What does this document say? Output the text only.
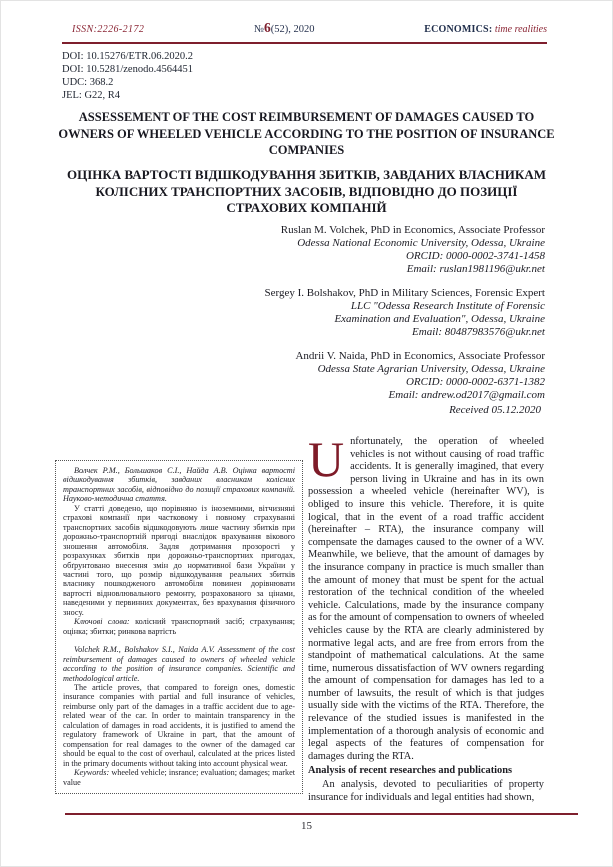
ISSN:2226-2172	№6(52), 2020	ECONOMICS: time realities
DOI: 10.15276/ETR.06.2020.2
DOI: 10.5281/zenodo.4564451
UDC: 368.2
JEL: G22, R4
ASSESSEMENT OF THE COST REIMBURSEMENT OF DAMAGES CAUSED TO OWNERS OF WHEELED VEHICLE ACCORDING TO THE POSITION OF INSURANCE COMPANIES
ОЦІНКА ВАРТОСТІ ВІДШКОДУВАННЯ ЗБИТКІВ, ЗАВДАНИХ ВЛАСНИКАМ КОЛІСНИХ ТРАНСПОРТНИХ ЗАСОБІВ, ВІДПОВІДНО ДО ПОЗИЦІЇ СТРАХОВИХ КОМПАНІЙ
Ruslan M. Volchek, PhD in Economics, Associate Professor
Odessa National Economic University, Odessa, Ukraine
ORCID: 0000-0002-3741-1458
Email: ruslan1981196@ukr.net
Sergey I. Bolshakov, PhD in Military Sciences, Forensic Expert
LLC "Odessa Research Institute of Forensic
Examination and Evaluation", Odessa, Ukraine
Email: 80487983576@ukr.net
Andrii V. Naida, PhD in Economics, Associate Professor
Odessa State Agrarian University, Odessa, Ukraine
ORCID: 0000-0002-6371-1382
Email: andrew.od2017@gmail.com
Received 05.12.2020

Волчек Р.М., Большаков С.І., Найда А.В. Оцінка вартості відшкодування збитків, завданих власникам колісних транспортних засобів, відповідно до позиції страхових компаній. Науково-методична стаття.

У статті доведено, що порівняно із іноземними, вітчизняні страхові компанії при частковому і повному страхуванні транспортних засобів відшкодовують лише частину збитків при дорожньо-транспортній пригоді внаслідок врахування вікового зношення автомобіля. Задля дотримання прозорості у розрахунках збитків при дорожньо-транспортних пригодах, обґрунтовано внесення змін до нормативної бази України у частині того, що розмір відшкодування реальних збитків власнику пошкодженого автомобіля повинен дорівнювати вартості відновлювального ремонту, розрахованого за цінами, наведеними у первинних документах, без врахування фізичного зносу.

Ключові слова: колісний транспортний засіб; страхування; оцінка; збитки; ринкова вартість

Volchek R.M., Bolshakov S.I., Naida A.V. Assessment of the cost reimbursement of damages caused to owners of wheeled vehicle according to the position of insurance companies. Scientific and methodological article.

The article proves, that compared to foreign ones, domestic insurance companies with partial and full insurance of vehicles, reimburse only part of the damages in a traffic accident due to age-related wear of the car. In order to maintain transparency in the calculation of damages in road accidents, it is justified to amend the regulatory framework of Ukraine in part, that the amount of compensation for real damages to the owner of the damaged car should be equal to the cost of overhaul, calculated at the prices listed in the primary documents without taking into account physical wear.

Keywords: wheeled vehicle; insrance; evaluation; damages; market value

Unfortunately, the operation of wheeled vehicles is not without causing of road traffic accidents. It is generally imagined, that every person living in Ukraine and has in its own possession a wheeled vehicle (hereinafter WV), is obliged to insure this vehicle. Therefore, it is quite logical, that in the event of a road traffic accident (hereinafter – RTA), the insurance company will compensate the damages caused to the owner of a WV. Meanwhile, we believe, that the amount of damages by the insurance company in practice is much smaller than the amount of money that must be spent for the actual restoration of the technical condition of the wheeled vehicle. Calculations, made by the insurance company as for the amount of compensation to owners of wheeled vehicles cause by the RTA are clearly administered by normative legal acts, and are free from errors from the standpoint of mathematical calculations. At the same time, numerous dissatisfaction of WV owners regarding the amount of compensation for damages has led to a number of lawsuits, the result of which is that judges usually side with the victims of the RTA. Therefore, the relevance of the studied issues is manifested in the implementation of a thorough analysis of economic and legal aspects of the features of compensation for damages during the RTA.

Analysis of recent researches and publications

An analysis, devoted to peculiarities of property insurance for individuals and legal entities had shown,

15
